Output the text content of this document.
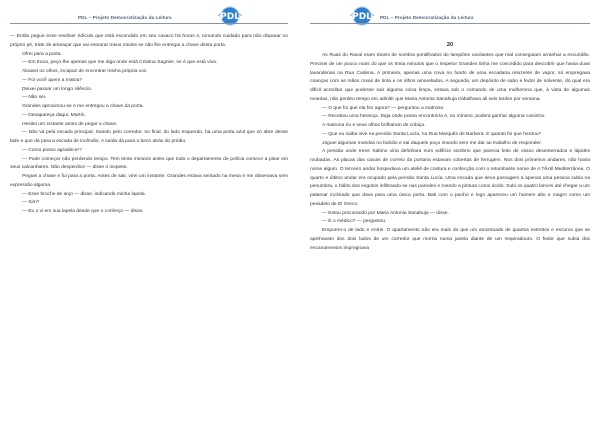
PDL – Projeto Democratização da Leitura	PDL

— Então pegue esse revólver ridículo que está escondido em seu casaco há horas e, tomando cuidado para não disparar no próprio pé, trate de ameaçar que vai estourar meus miolos se não lhe entregar a chave desta porta.

Ofrei para a porta.

— Em troca, peço-lhe apenas que me diga onde está Cristina Sagnier, se é que está viva.

Abaixei os olhos, incapaz de encontrar minha própria voz.

— Foi você quem a matou?

Deixei passar um longo silêncio.

— Não sei.

Grandes aproximou-se e me entregou a chave da porta.

— Desapareça daqui, Martín.

Hesitei um instante antes de pegar a chave.

— Não vá pela escada principal. Saindo pelo corredor, no final, do lado esquerdo, há uma porta azul que só abre desse lado e que dá para a escada de incêndio. A saída dá para o beco atrás do prédio.

— Como posso agradecer?

— Pode começar não perdendo tempo. Tem trinta minutos antes que todo o departamento de polícia comece a pisar em seus calcanhares. Não desperdice — disse o inspetor.

Peguei a chave e fui para a porta. Antes de sair, virei um instante. Grandes estava sentado na mesa e me observava sem expressão alguma.

— Esse broche de anjo — disse, indicando minha lapela.

— Sim?

— Eu o vi em sua lapela desde que o conheço — disse.

PDL PDL – Projeto Democratização da Leitura
20

As Ruas do Raval eram túneis de sombra pontilhados de lampiões vacilantes que mal conseguiam arranhar a escuridão. Precisei de um pouco mais do que os trinta minutos que o inspetor Grandes tinha me concedido para descobrir que havia duas lavanderias na Rua Cadena. A primeira, apenas uma cova no fundo de uma escadaria reluzente de vapor, só empregava crianças com as mãos roxas de tinta e os olhos amarelados. A segunda, um depósito de sabo e fedor de solvente, do qual era difícil acreditar que pudesse sair alguma coisa limpa, estava sob o comando de uma mulherona que, à vista de algumas moedas, não perdeu tempo em admitir que Maria Antonia Sanahuja trabalhava ali seis tardes por semana.

— O que foi que ela fez agora? — perguntou a matrona.

— Recebeu uma herança. Diga onde posso encontrá-la e, no mínimo, poderá ganhar alguma coisinha.

A matrona riu e seus olhos brilharam de cobiça.

— Que eu saiba vive na pensão Santa Lucía, na Rua Marquês de Barberà. E quanto foi que herdou?

Joguei algumas moedas no balcão e saí daquele poço imundo sem me dar ao trabalho de responder.

A pensão onde Irene Sabino viria definhara num edifício sombrio que parecia feito de ossos desenterrados e lápides roubadas. As placas das caixas de correio da portaria estavam cobertas de ferrugem. Nos dois primeiros andares, não havia nome algum. O terceiro andar hospedava um ateliê de costura e confecção com o retumbante nome de A Têxtil Mediterrânea. O quarto e último andar era ocupado pela pensão Santa Lucía. Uma escada que deva passagem a apenas uma pessoa subia na penumbra, o hálito dos esgotos infiltrando-se nas paredes e roendo a pintura como ácido. Subi os quatro lances até chegar a um patamar inclinado que dava para uma única porta. Bati com o punho e logo apareceu um homem alto e magro como um pesadelo de El Greco.

— Estou procurando por Maria Antonia Sanahuja — disse.

— É o médico? — perguntou.

Empurrei-o de lado e entrei. O apartamento não era mais do que um amontoado de quartos estreitos e escuros que se apinhavam dos dois lados de um corredor que morria numa janela diante de um respiradouro. O fedor que subia dos encanamentos impregnava
